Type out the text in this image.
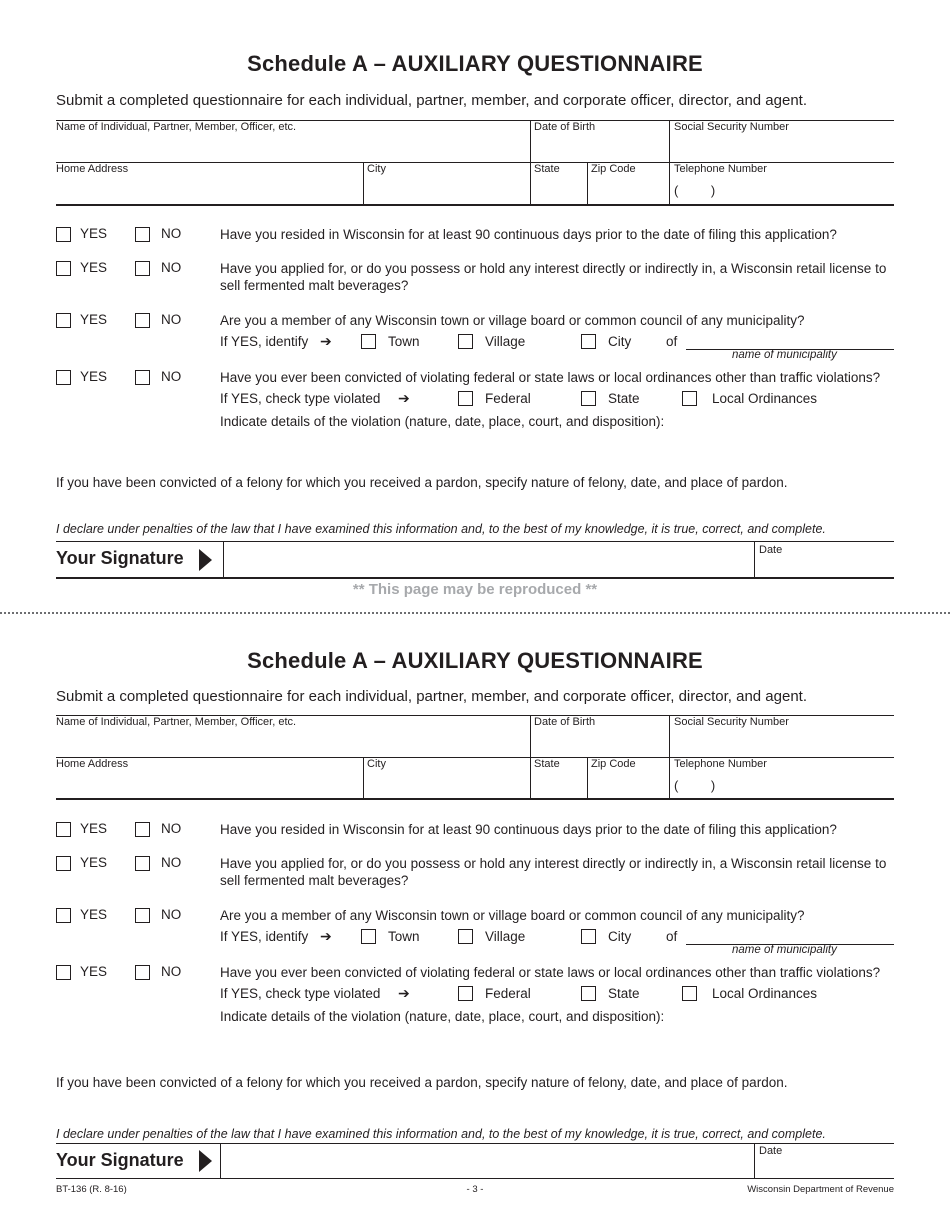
Schedule A – AUXILIARY QUESTIONNAIRE
Submit a completed questionnaire for each individual, partner, member, and corporate officer, director, and agent.
Name of Individual, Partner, Member, Officer, etc.	Date of Birth	Social Security Number
Home Address	City	State	Zip Code	Telephone Number
(         )
YES	NO	Have you resided in Wisconsin for at least 90 continuous days prior to the date of filing this application?
YES	NO	Have you applied for, or do you possess or hold any interest directly or indirectly in, a Wisconsin retail license to sell fermented malt beverages?
YES	NO	Are you a member of any Wisconsin town or village board or common council of any municipality?
If YES, identify ➔	Town	Village	City	of
name of municipality
YES	NO	Have you ever been convicted of violating federal or state laws or local ordinances other than traffic violations?
If YES, check type violated ➔	Federal	State	Local Ordinances
Indicate details of the violation (nature, date, place, court, and disposition):
If you have been convicted of a felony for which you received a pardon, specify nature of felony, date, and place of pardon.
I declare under penalties of the law that I have examined this information and, to the best of my knowledge, it is true, correct, and complete.
Your Signature	Date
** This page may be reproduced **
Schedule A – AUXILIARY QUESTIONNAIRE
Submit a completed questionnaire for each individual, partner, member, and corporate officer, director, and agent.
Name of Individual, Partner, Member, Officer, etc.	Date of Birth	Social Security Number
Home Address	City	State	Zip Code	Telephone Number
(         )
YES	NO	Have you resided in Wisconsin for at least 90 continuous days prior to the date of filing this application?
YES	NO	Have you applied for, or do you possess or hold any interest directly or indirectly in, a Wisconsin retail license to sell fermented malt beverages?
YES	NO	Are you a member of any Wisconsin town or village board or common council of any municipality?
If YES, identify ➔	Town	Village	City	of
name of municipality
YES	NO	Have you ever been convicted of violating federal or state laws or local ordinances other than traffic violations?
If YES, check type violated ➔	Federal	State	Local Ordinances
Indicate details of the violation (nature, date, place, court, and disposition):
If you have been convicted of a felony for which you received a pardon, specify nature of felony, date, and place of pardon.
I declare under penalties of the law that I have examined this information and, to the best of my knowledge, it is true, correct, and complete.
Your Signature	Date
BT-136 (R. 8-16)	- 3 -	Wisconsin Department of Revenue
